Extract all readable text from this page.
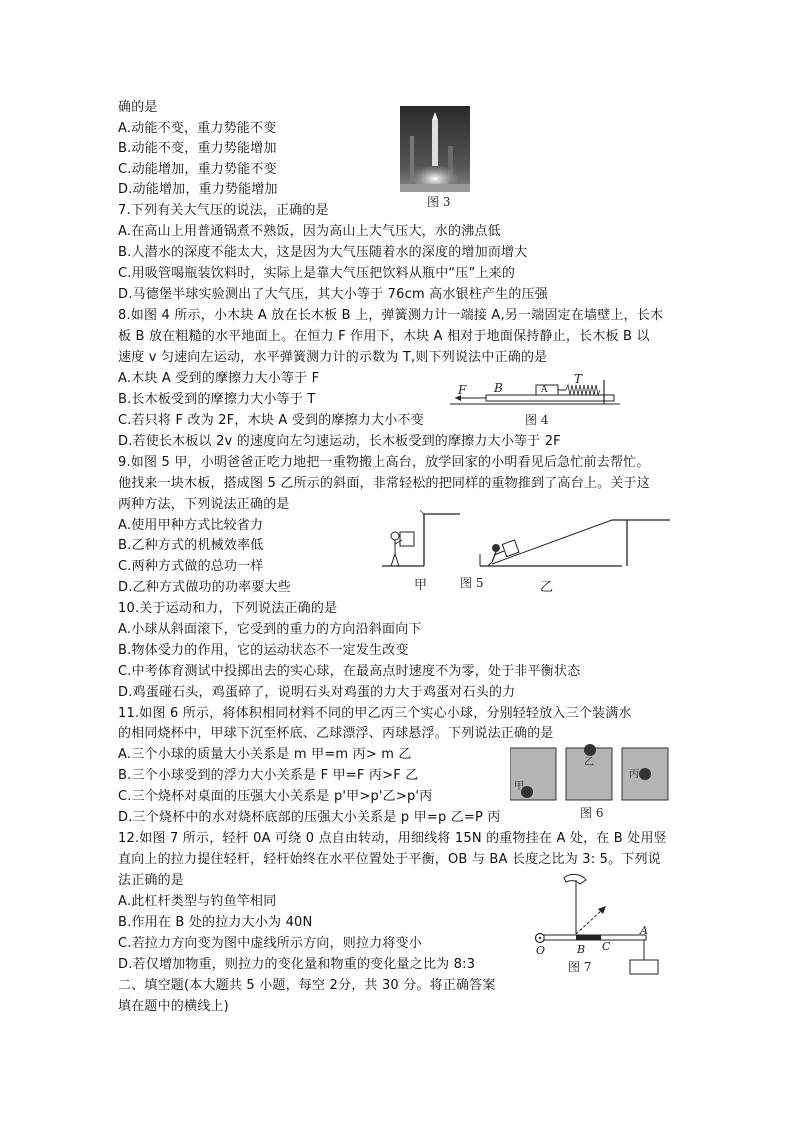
确的是
A.动能不变，重力势能不变
B.动能不变，重力势能增加
C.动能增加，重力势能不变
D.动能增加，重力势能增加
7.下列有关大气压的说法，正确的是
A.在高山上用普通锅煮不熟饭，因为高山上大气压大，水的沸点低
B.人潜水的深度不能太大，这是因为大气压随着水的深度的增加而增大
C.用吸管喝瓶装饮料时，实际上是靠大气压把饮料从瓶中“压”上来的
D.马德堡半球实验测出了大气压，其大小等于 76cm 高水银柱产生的压强
8.如图 4 所示，小木块 A 放在长木板 B 上，弹簧测力计一端接 A,另一端固定在墙壁上，长木
板 B 放在粗糙的水平地面上。在恒力 F 作用下，木块 A 相对于地面保持静止，长木板 B 以
速度 v 匀速向左运动，水平弹簧测力计的示数为 T,则下列说法中正确的是
A.木块 A 受到的摩擦力大小等于 F
B.长木板受到的摩擦力大小等于 T
C.若只将 F 改为 2F，木块 A 受到的摩擦力大小不变
D.若使长木板以 2v 的速度向左匀速运动，长木板受到的摩擦力大小等于 2F
9.如图 5 甲，小明爸爸正吃力地把一重物搬上高台，放学回家的小明看见后急忙前去帮忙。
他找来一块木板，搭成图 5 乙所示的斜面，非常轻松的把同样的重物推到了高台上。关于这
两种方法，下列说法正确的是
A.使用甲种方式比较省力
B.乙种方式的机械效率低
C.两种方式做的总功一样
D.乙种方式做功的功率要大些
10.关于运动和力，下列说法正确的是
A.小球从斜面滚下，它受到的重力的方向沿斜面向下
B.物体受力的作用，它的运动状态不一定发生改变
C.中考体育测试中投掷出去的实心球，在最高点时速度不为零，处于非平衡状态
D.鸡蛋碰石头，鸡蛋碎了，说明石头对鸡蛋的力大于鸡蛋对石头的力
11.如图 6 所示，将体积相同材料不同的甲乙丙三个实心小球，分别轻轻放入三个装满水
的相同烧杯中，甲球下沉至杯底、乙球漂浮、丙球悬浮。下列说法正确的是
A.三个小球的质量大小关系是 m 甲=m 丙> m 乙
B.三个小球受到的浮力大小关系是 F 甲=F 丙>F 乙
C.三个烧杯对桌面的压强大小关系是 p'甲>p'乙>p'丙
D.三个烧杯中的水对烧杯底部的压强大小关系是 p 甲=p 乙=P 丙
12.如图 7 所示，轻杆 0A 可绕 0 点自由转动，用细线将 15N 的重物挂在 A 处，在 B 处用竖
直向上的拉力提住轻杆，轻杆始终在水平位置处于平衡，OB 与 BA 长度之比为 3: 5。下列说
法正确的是
A.此杠杆类型与钓鱼竿相同
B.作用在 B 处的拉力大小为 40N
C.若拉力方向变为图中虚线所示方向，则拉力将变小
D.若仅增加物重，则拉力的变化量和物重的变化量之比为 8:3
二、填空题(本大题共 5 小题，每空 2分，共 30 分。将正确答案
填在题中的横线上)
图 3
F B	A
T
图 4
甲	图 5	乙
甲
乙
丙
图 6
O	B C
A
图 7
